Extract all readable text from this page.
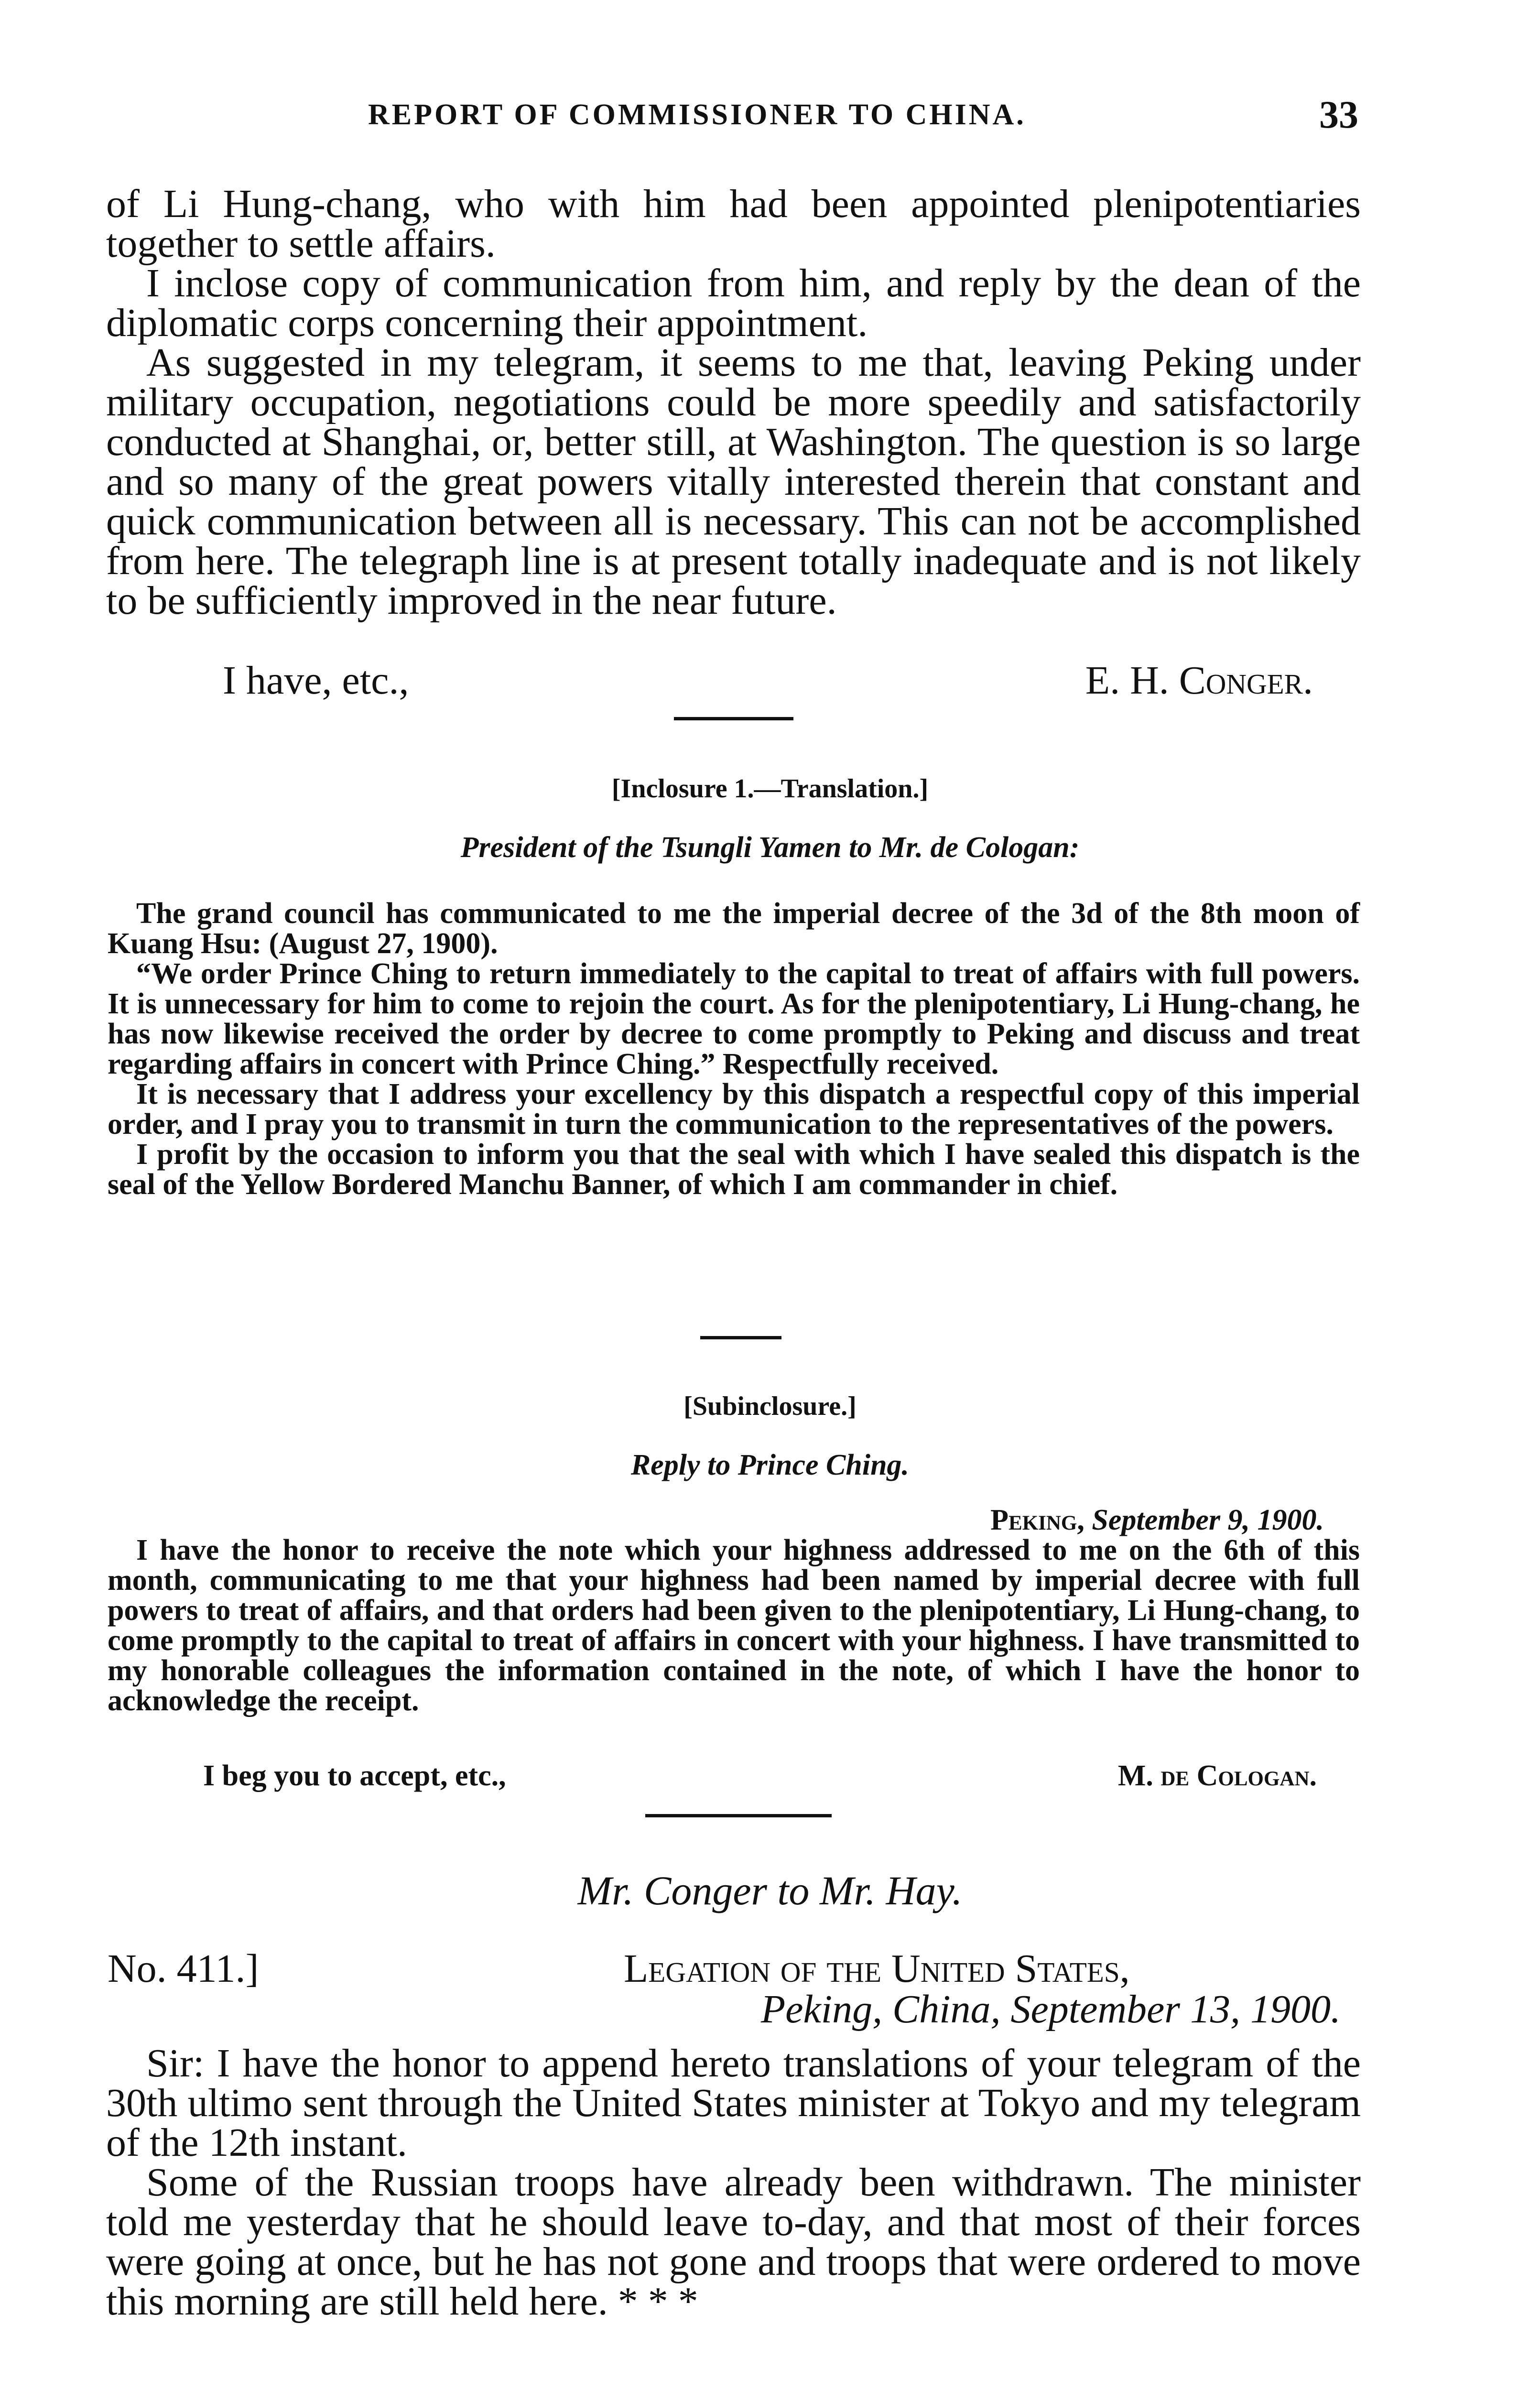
REPORT OF COMMISSIONER TO CHINA.	33

of Li Hung-chang, who with him had been appointed plenipotentiaries together to settle affairs.

I inclose copy of communication from him, and reply by the dean of the diplomatic corps concerning their appointment.

As suggested in my telegram, it seems to me that, leaving Peking under military occupation, negotiations could be more speedily and satisfactorily conducted at Shanghai, or, better still, at Washington. The question is so large and so many of the great powers vitally interested therein that constant and quick communication between all is necessary. This can not be accomplished from here. The telegraph line is at present totally inadequate and is not likely to be sufficiently improved in the near future.

I have, etc.,	E. H. Conger.
[Inclosure 1.—Translation.]
President of the Tsungli Yamen to Mr. de Cologan:

The grand council has communicated to me the imperial decree of the 3d of the 8th moon of Kuang Hsu: (August 27, 1900).

“We order Prince Ching to return immediately to the capital to treat of affairs with full powers. It is unnecessary for him to come to rejoin the court. As for the plenipotentiary, Li Hung-chang, he has now likewise received the order by decree to come promptly to Peking and discuss and treat regarding affairs in concert with Prince Ching.” Respectfully received.

It is necessary that I address your excellency by this dispatch a respectful copy of this imperial order, and I pray you to transmit in turn the communication to the representatives of the powers.

I profit by the occasion to inform you that the seal with which I have sealed this dispatch is the seal of the Yellow Bordered Manchu Banner, of which I am commander in chief.

[Subinclosure.]
Reply to Prince Ching.
Peking, September 9, 1900.

I have the honor to receive the note which your highness addressed to me on the 6th of this month, communicating to me that your highness had been named by imperial decree with full powers to treat of affairs, and that orders had been given to the plenipotentiary, Li Hung-chang, to come promptly to the capital to treat of affairs in concert with your highness. I have transmitted to my honorable colleagues the information contained in the note, of which I have the honor to acknowledge the receipt.

I beg you to accept, etc.,	M. de Cologan.
Mr. Conger to Mr. Hay.
No. 411.]	Legation of the United States,
Peking, China, September 13, 1900.

Sir: I have the honor to append hereto translations of your telegram of the 30th ultimo sent through the United States minister at Tokyo and my telegram of the 12th instant.

Some of the Russian troops have already been withdrawn. The minister told me yesterday that he should leave to-day, and that most of their forces were going at once, but he has not gone and troops that were ordered to move this morning are still held here. * * *
